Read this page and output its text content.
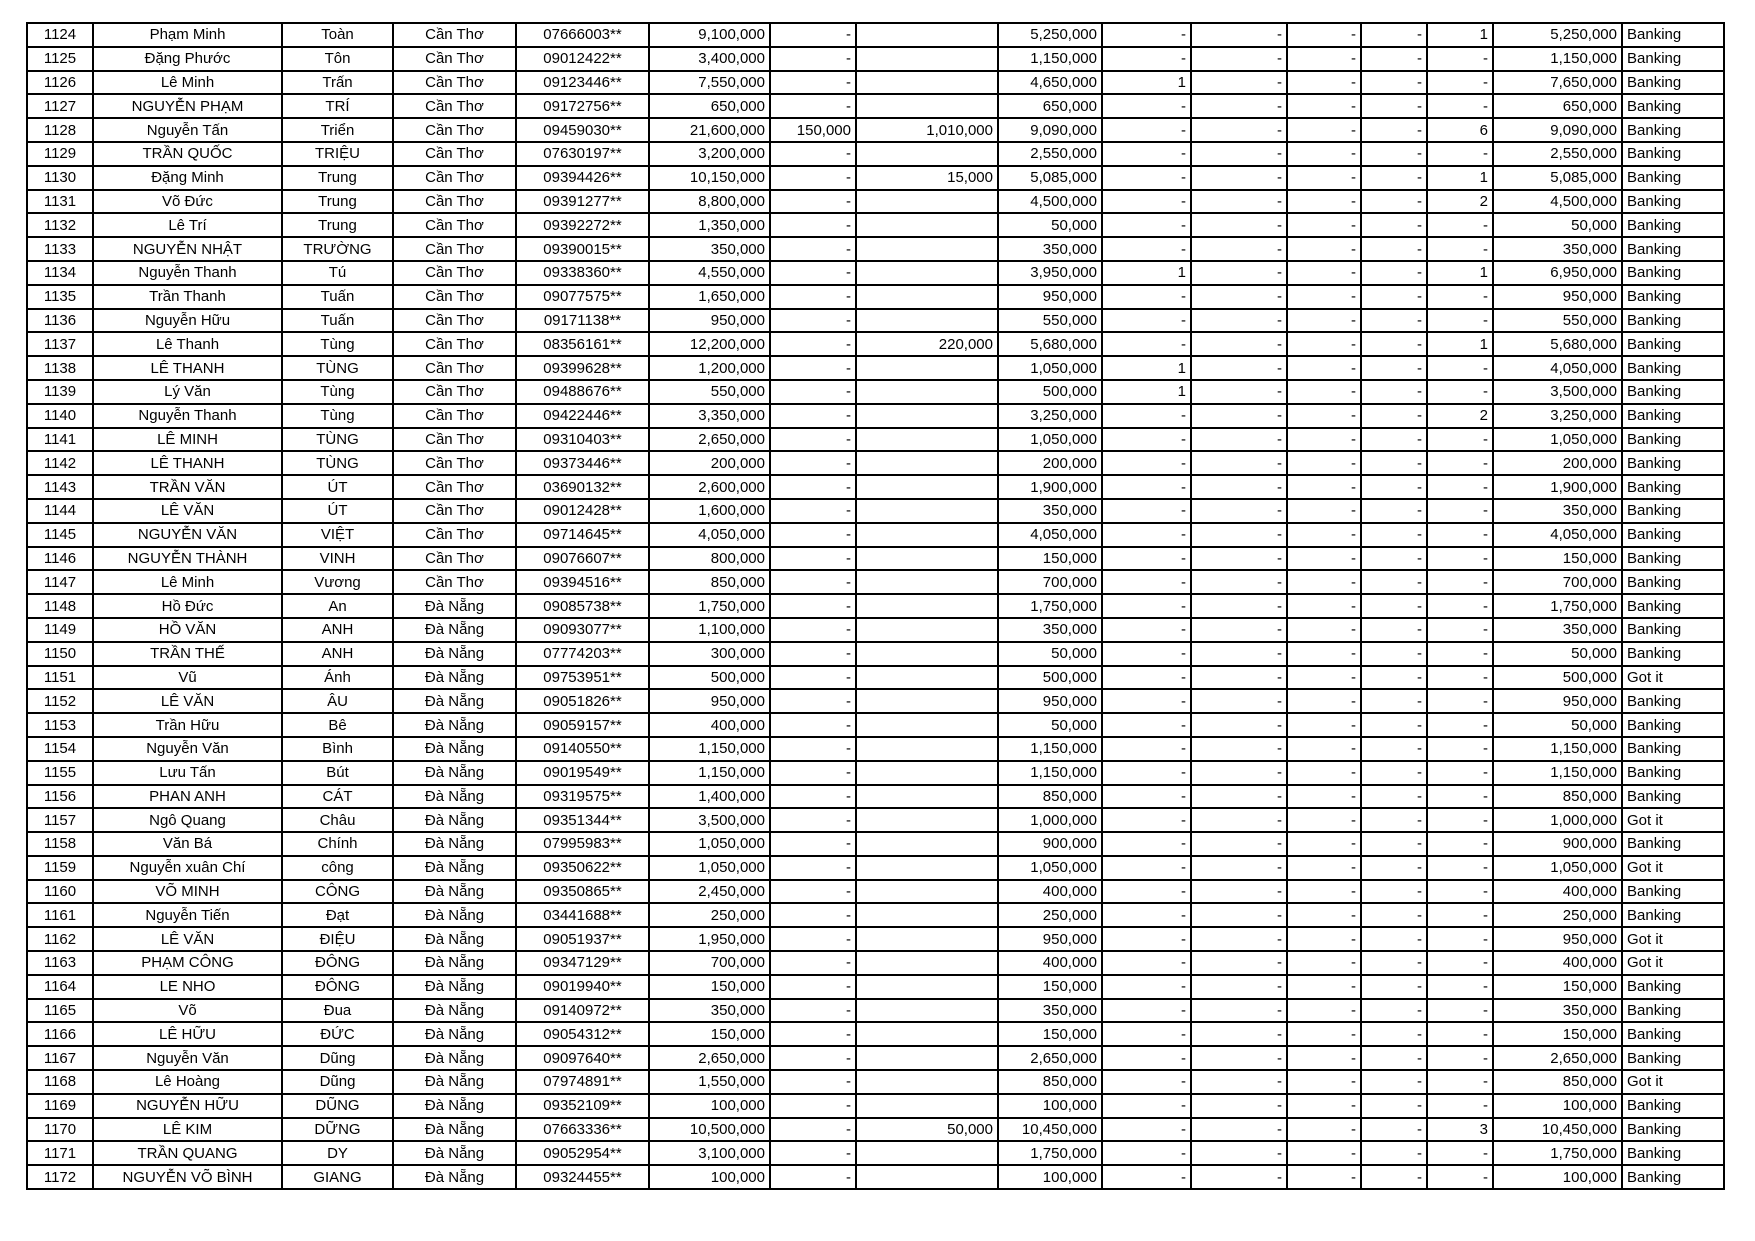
1124	Phạm Minh	Toàn	Cần Thơ	07666003**	9,100,000	-		5,250,000	-	-	-	-	1	5,250,000	Banking
1125	Đặng Phước	Tôn	Cần Thơ	09012422**	3,400,000	-		1,150,000	-	-	-	-	-	1,150,000	Banking
1126	Lê Minh	Trấn	Cần Thơ	09123446**	7,550,000	-		4,650,000	1	-	-	-	-	7,650,000	Banking
1127	NGUYỄN PHẠM	TRÍ	Cần Thơ	09172756**	650,000	-		650,000	-	-	-	-	-	650,000	Banking
1128	Nguyễn Tấn	Triển	Cần Thơ	09459030**	21,600,000	150,000	1,010,000	9,090,000	-	-	-	-	6	9,090,000	Banking
1129	TRẦN QUỐC	TRIỆU	Cần Thơ	07630197**	3,200,000	-		2,550,000	-	-	-	-	-	2,550,000	Banking
1130	Đặng Minh	Trung	Cần Thơ	09394426**	10,150,000	-	15,000	5,085,000	-	-	-	-	1	5,085,000	Banking
1131	Võ Đức	Trung	Cần Thơ	09391277**	8,800,000	-		4,500,000	-	-	-	-	2	4,500,000	Banking
1132	Lê Trí	Trung	Cần Thơ	09392272**	1,350,000	-		50,000	-	-	-	-	-	50,000	Banking
1133	NGUYỄN NHẬT	TRƯỜNG	Cần Thơ	09390015**	350,000	-		350,000	-	-	-	-	-	350,000	Banking
1134	Nguyễn Thanh	Tú	Cần Thơ	09338360**	4,550,000	-		3,950,000	1	-	-	-	1	6,950,000	Banking
1135	Trần Thanh	Tuấn	Cần Thơ	09077575**	1,650,000	-		950,000	-	-	-	-	-	950,000	Banking
1136	Nguyễn Hữu	Tuấn	Cần Thơ	09171138**	950,000	-		550,000	-	-	-	-	-	550,000	Banking
1137	Lê Thanh	Tùng	Cần Thơ	08356161**	12,200,000	-	220,000	5,680,000	-	-	-	-	1	5,680,000	Banking
1138	LÊ THANH	TÙNG	Cần Thơ	09399628**	1,200,000	-		1,050,000	1	-	-	-	-	4,050,000	Banking
1139	Lý Văn	Tùng	Cần Thơ	09488676**	550,000	-		500,000	1	-	-	-	-	3,500,000	Banking
1140	Nguyễn Thanh	Tùng	Cần Thơ	09422446**	3,350,000	-		3,250,000	-	-	-	-	2	3,250,000	Banking
1141	LÊ MINH	TÙNG	Cần Thơ	09310403**	2,650,000	-		1,050,000	-	-	-	-	-	1,050,000	Banking
1142	LÊ THANH	TÙNG	Cần Thơ	09373446**	200,000	-		200,000	-	-	-	-	-	200,000	Banking
1143	TRẦN VĂN	ÚT	Cần Thơ	03690132**	2,600,000	-		1,900,000	-	-	-	-	-	1,900,000	Banking
1144	LÊ VĂN	ÚT	Cần Thơ	09012428**	1,600,000	-		350,000	-	-	-	-	-	350,000	Banking
1145	NGUYỄN VĂN	VIỆT	Cần Thơ	09714645**	4,050,000	-		4,050,000	-	-	-	-	-	4,050,000	Banking
1146	NGUYỄN THÀNH	VINH	Cần Thơ	09076607**	800,000	-		150,000	-	-	-	-	-	150,000	Banking
1147	Lê Minh	Vương	Cần Thơ	09394516**	850,000	-		700,000	-	-	-	-	-	700,000	Banking
1148	Hồ Đức	An	Đà Nẵng	09085738**	1,750,000	-		1,750,000	-	-	-	-	-	1,750,000	Banking
1149	HỒ VĂN	ANH	Đà Nẵng	09093077**	1,100,000	-		350,000	-	-	-	-	-	350,000	Banking
1150	TRẦN THẾ	ANH	Đà Nẵng	07774203**	300,000	-		50,000	-	-	-	-	-	50,000	Banking
1151	Vũ	Ánh	Đà Nẵng	09753951**	500,000	-		500,000	-	-	-	-	-	500,000	Got it
1152	LÊ VĂN	ÂU	Đà Nẵng	09051826**	950,000	-		950,000	-	-	-	-	-	950,000	Banking
1153	Trần Hữu	Bê	Đà Nẵng	09059157**	400,000	-		50,000	-	-	-	-	-	50,000	Banking
1154	Nguyễn Văn	Bình	Đà Nẵng	09140550**	1,150,000	-		1,150,000	-	-	-	-	-	1,150,000	Banking
1155	Lưu Tấn	Bút	Đà Nẵng	09019549**	1,150,000	-		1,150,000	-	-	-	-	-	1,150,000	Banking
1156	PHAN ANH	CÁT	Đà Nẵng	09319575**	1,400,000	-		850,000	-	-	-	-	-	850,000	Banking
1157	Ngô Quang	Châu	Đà Nẵng	09351344**	3,500,000	-		1,000,000	-	-	-	-	-	1,000,000	Got it
1158	Văn Bá	Chính	Đà Nẵng	07995983**	1,050,000	-		900,000	-	-	-	-	-	900,000	Banking
1159	Nguyễn xuân Chí	công	Đà Nẵng	09350622**	1,050,000	-		1,050,000	-	-	-	-	-	1,050,000	Got it
1160	VÕ MINH	CÔNG	Đà Nẵng	09350865**	2,450,000	-		400,000	-	-	-	-	-	400,000	Banking
1161	Nguyễn Tiến	Đạt	Đà Nẵng	03441688**	250,000	-		250,000	-	-	-	-	-	250,000	Banking
1162	LÊ VĂN	ĐIỆU	Đà Nẵng	09051937**	1,950,000	-		950,000	-	-	-	-	-	950,000	Got it
1163	PHẠM CÔNG	ĐÔNG	Đà Nẵng	09347129**	700,000	-		400,000	-	-	-	-	-	400,000	Got it
1164	LE NHO	ĐÔNG	Đà Nẵng	09019940**	150,000	-		150,000	-	-	-	-	-	150,000	Banking
1165	Võ	Đua	Đà Nẵng	09140972**	350,000	-		350,000	-	-	-	-	-	350,000	Banking
1166	LÊ HỮU	ĐỨC	Đà Nẵng	09054312**	150,000	-		150,000	-	-	-	-	-	150,000	Banking
1167	Nguyễn Văn	Dũng	Đà Nẵng	09097640**	2,650,000	-		2,650,000	-	-	-	-	-	2,650,000	Banking
1168	Lê Hoàng	Dũng	Đà Nẵng	07974891**	1,550,000	-		850,000	-	-	-	-	-	850,000	Got it
1169	NGUYỄN HỮU	DŨNG	Đà Nẵng	09352109**	100,000	-		100,000	-	-	-	-	-	100,000	Banking
1170	LÊ KIM	DỮNG	Đà Nẵng	07663336**	10,500,000	-	50,000	10,450,000	-	-	-	-	3	10,450,000	Banking
1171	TRẦN QUANG	DY	Đà Nẵng	09052954**	3,100,000	-		1,750,000	-	-	-	-	-	1,750,000	Banking
1172	NGUYỄN VÕ BÌNH	GIANG	Đà Nẵng	09324455**	100,000	-		100,000	-	-	-	-	-	100,000	Banking
